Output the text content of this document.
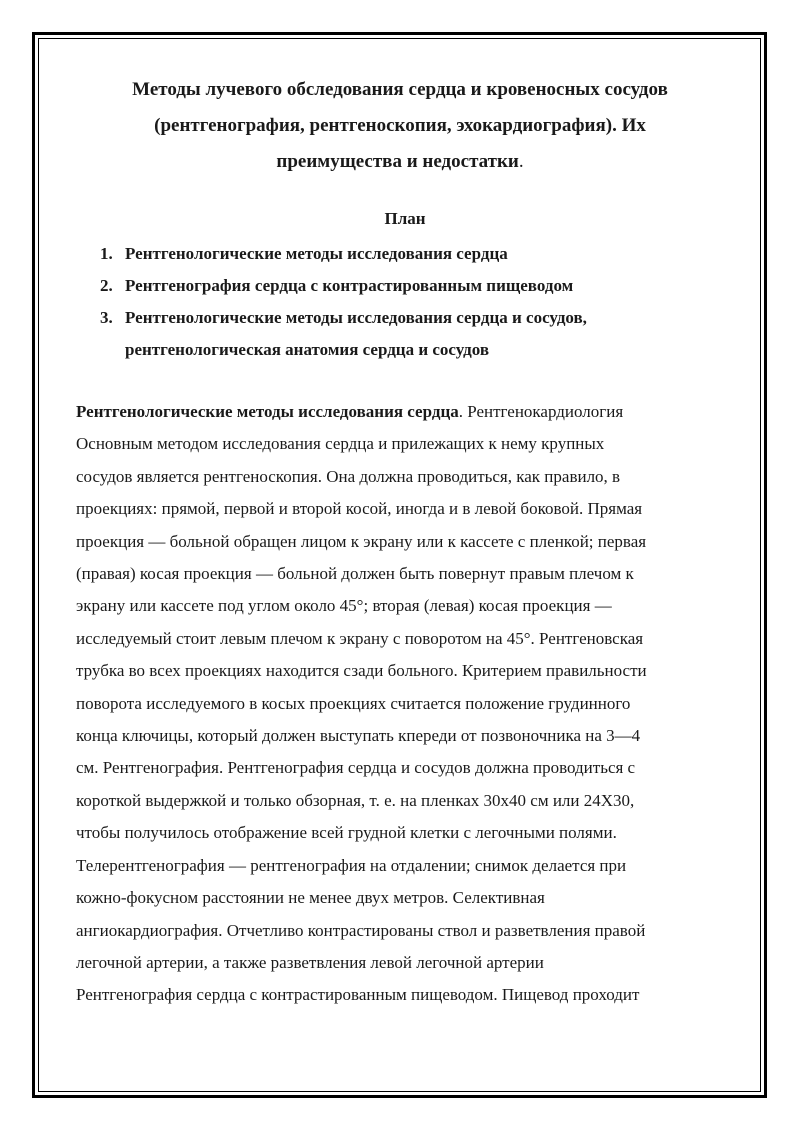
Методы лучевого обследования сердца и кровеносных сосудов
(рентгенография, рентгеноскопия, эхокардиография). Их
преимущества и недостатки.
План
1. Рентгенологические методы исследования сердца
2. Рентгенография сердца с контрастированным пищеводом
3. Рентгенологические методы исследования сердца и сосудов,
рентгенологическая анатомия сердца и сосудов
Рентгенологические методы исследования сердца. Рентгенокардиология
Основным методом исследования сердца и прилежащих к нему крупных
сосудов является рентгеноскопия. Она должна проводиться, как правило, в
проекциях: прямой, первой и второй косой, иногда и в левой боковой. Прямая
проекция — больной обращен лицом к экрану или к кассете с пленкой; первая
(правая) косая проекция — больной должен быть повернут правым плечом к
экрану или кассете под углом около 45°; вторая (левая) косая проекция —
исследуемый стоит левым плечом к экрану с поворотом на 45°. Рентгеновская
трубка во всех проекциях находится сзади больного. Критерием правильности
поворота исследуемого в косых проекциях считается положение грудинного
конца ключицы, который должен выступать кпереди от позвоночника на 3—4
см. Рентгенография. Рентгенография сердца и сосудов должна проводиться с
короткой выдержкой и только обзорная, т. е. на пленках 30х40 см или 24Х30,
чтобы получилось отображение всей грудной клетки с легочными полями.
Телерентгенография — рентгенография на отдалении; снимок делается при
кожно-фокусном расстоянии не менее двух метров. Селективная
ангиокардиография. Отчетливо контрастированы ствол и разветвления правой
легочной артерии, а также разветвления левой легочной артерии
Рентгенография сердца с контрастированным пищеводом. Пищевод проходит
